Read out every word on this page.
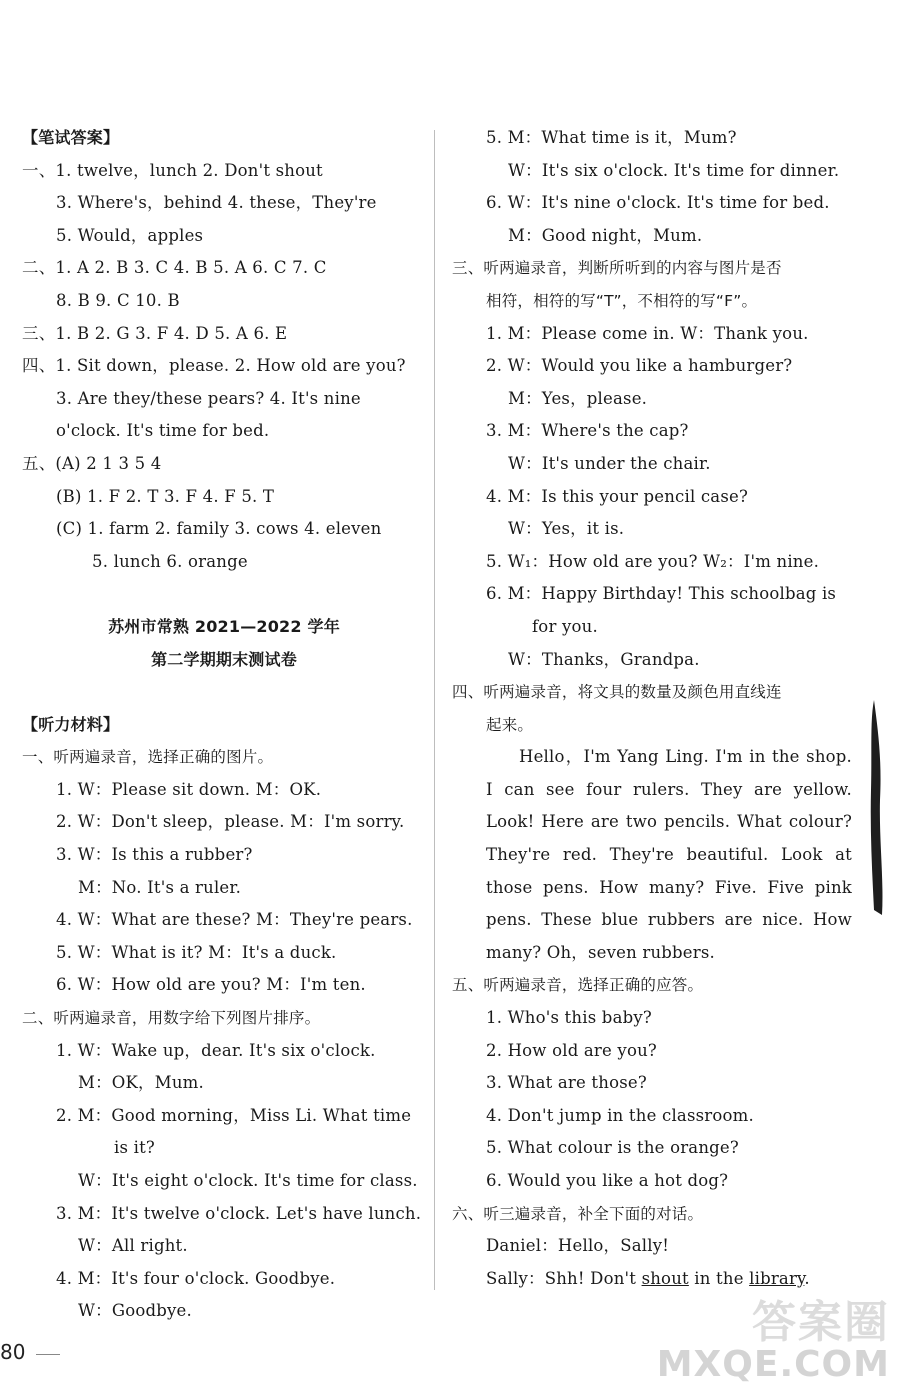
【笔试答案】
一、1. twelve，lunch 2. Don't shout
3. Where's，behind 4. these，They're
5. Would，apples
二、1. A 2. B 3. C 4. B 5. A 6. C 7. C
8. B 9. C 10. B
三、1. B 2. G 3. F 4. D 5. A 6. E
四、1. Sit down，please. 2. How old are you?
3. Are they/these pears? 4. It's nine
o'clock. It's time for bed.
五、(A) 2 1 3 5 4
(B) 1. F 2. T 3. F 4. F 5. T
(C) 1. farm 2. family 3. cows 4. eleven
5. lunch 6. orange
苏州市常熟 2021—2022 学年
第二学期期末测试卷
【听力材料】
一、听两遍录音，选择正确的图片。
1. W：Please sit down. M：OK.
2. W：Don't sleep，please. M：I'm sorry.
3. W：Is this a rubber?
M：No. It's a ruler.
4. W：What are these? M：They're pears.
5. W：What is it? M：It's a duck.
6. W：How old are you? M：I'm ten.
二、听两遍录音，用数字给下列图片排序。
1. W：Wake up，dear. It's six o'clock.
M：OK，Mum.
2. M：Good morning，Miss Li. What time
is it?
W：It's eight o'clock. It's time for class.
3. M：It's twelve o'clock. Let's have lunch.
W：All right.
4. M：It's four o'clock. Goodbye.
W：Goodbye.
5. M：What time is it，Mum?
W：It's six o'clock. It's time for dinner.
6. W：It's nine o'clock. It's time for bed.
M：Good night，Mum.
三、听两遍录音，判断所听到的内容与图片是否
相符，相符的写“T”，不相符的写“F”。
1. M：Please come in. W：Thank you.
2. W：Would you like a hamburger?
M：Yes，please.
3. M：Where's the cap?
W：It's under the chair.
4. M：Is this your pencil case?
W：Yes，it is.
5. W₁：How old are you? W₂：I'm nine.
6. M：Happy Birthday! This schoolbag is
for you.
W：Thanks，Grandpa.
四、听两遍录音，将文具的数量及颜色用直线连
起来。
Hello，I'm Yang Ling. I'm in the shop. I can see four rulers. They are yellow. Look! Here are two pencils. What colour? They're red. They're beautiful. Look at those pens. How many? Five. Five pink pens. These blue rubbers are nice. How many? Oh，seven rubbers.
五、听两遍录音，选择正确的应答。
1. Who's this baby?
2. How old are you?
3. What are those?
4. Don't jump in the classroom.
5. What colour is the orange?
6. Would you like a hot dog?
六、听三遍录音，补全下面的对话。
Daniel：Hello，Sally!
Sally：Shh! Don't shout in the library.
80
答案圈
MXQE.COM
